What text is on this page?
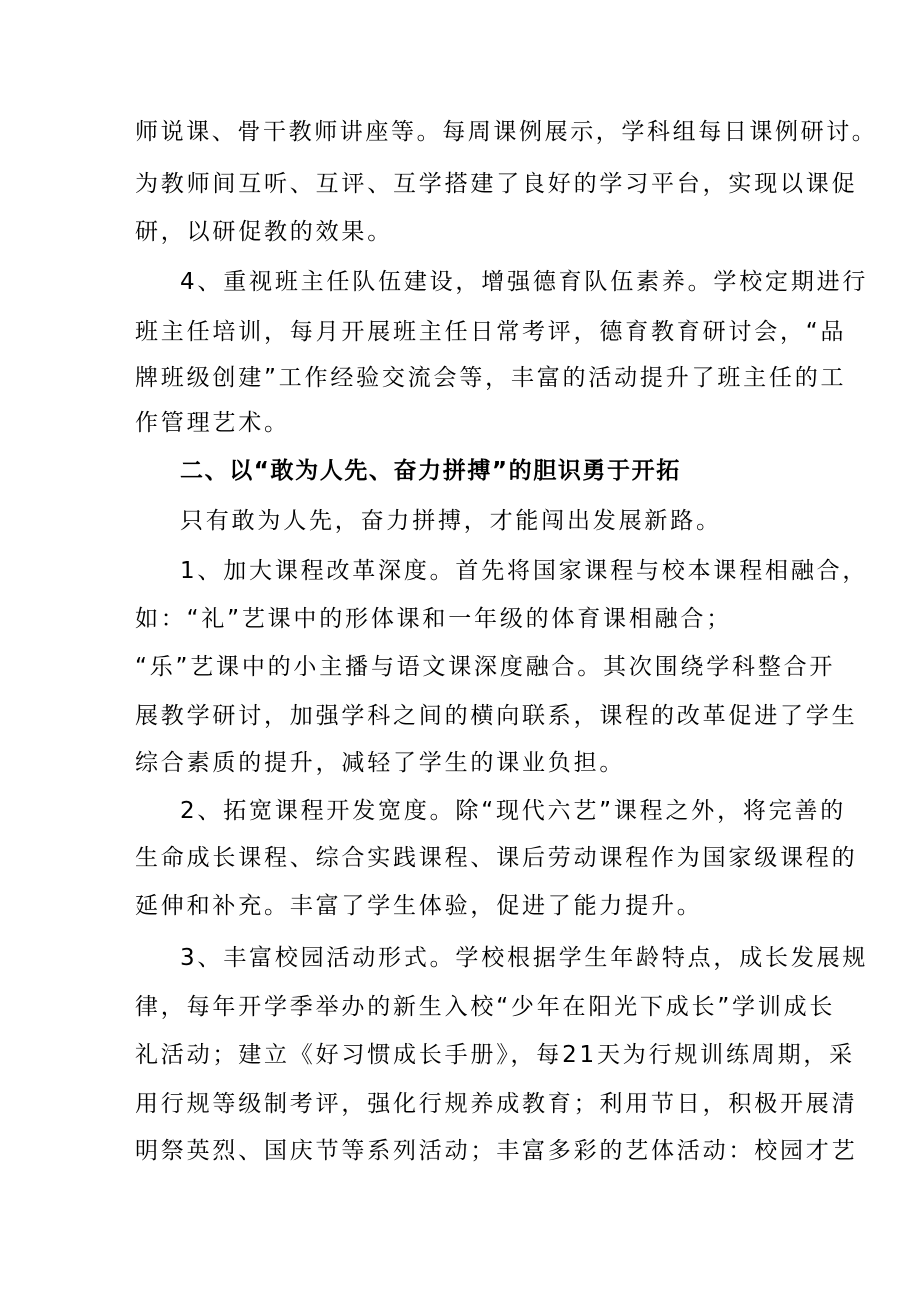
师说课、骨干教师讲座等。每周课例展示，学科组每日课例研讨。
为教师间互听、互评、互学搭建了良好的学习平台，实现以课促
研，以研促教的效果。
4、重视班主任队伍建设，增强德育队伍素养。学校定期进行
班主任培训，每月开展班主任日常考评，德育教育研讨会，“品
牌班级创建”工作经验交流会等，丰富的活动提升了班主任的工
作管理艺术。
二、以“敢为人先、奋力拼搏”的胆识勇于开拓
只有敢为人先，奋力拼搏，才能闯出发展新路。
1、加大课程改革深度。首先将国家课程与校本课程相融合，
如：“礼”艺课中的形体课和一年级的体育课相融合；
“乐”艺课中的小主播与语文课深度融合。其次围绕学科整合开
展教学研讨，加强学科之间的横向联系，课程的改革促进了学生
综合素质的提升，减轻了学生的课业负担。
2、拓宽课程开发宽度。除“现代六艺”课程之外，将完善的
生命成长课程、综合实践课程、课后劳动课程作为国家级课程的
延伸和补充。丰富了学生体验，促进了能力提升。
3、丰富校园活动形式。学校根据学生年龄特点，成长发展规
律，每年开学季举办的新生入校“少年在阳光下成长”学训成长
礼活动；建立《好习惯成长手册》，每21天为行规训练周期，采
用行规等级制考评，强化行规养成教育；利用节日，积极开展清
明祭英烈、国庆节等系列活动；丰富多彩的艺体活动：校园才艺
